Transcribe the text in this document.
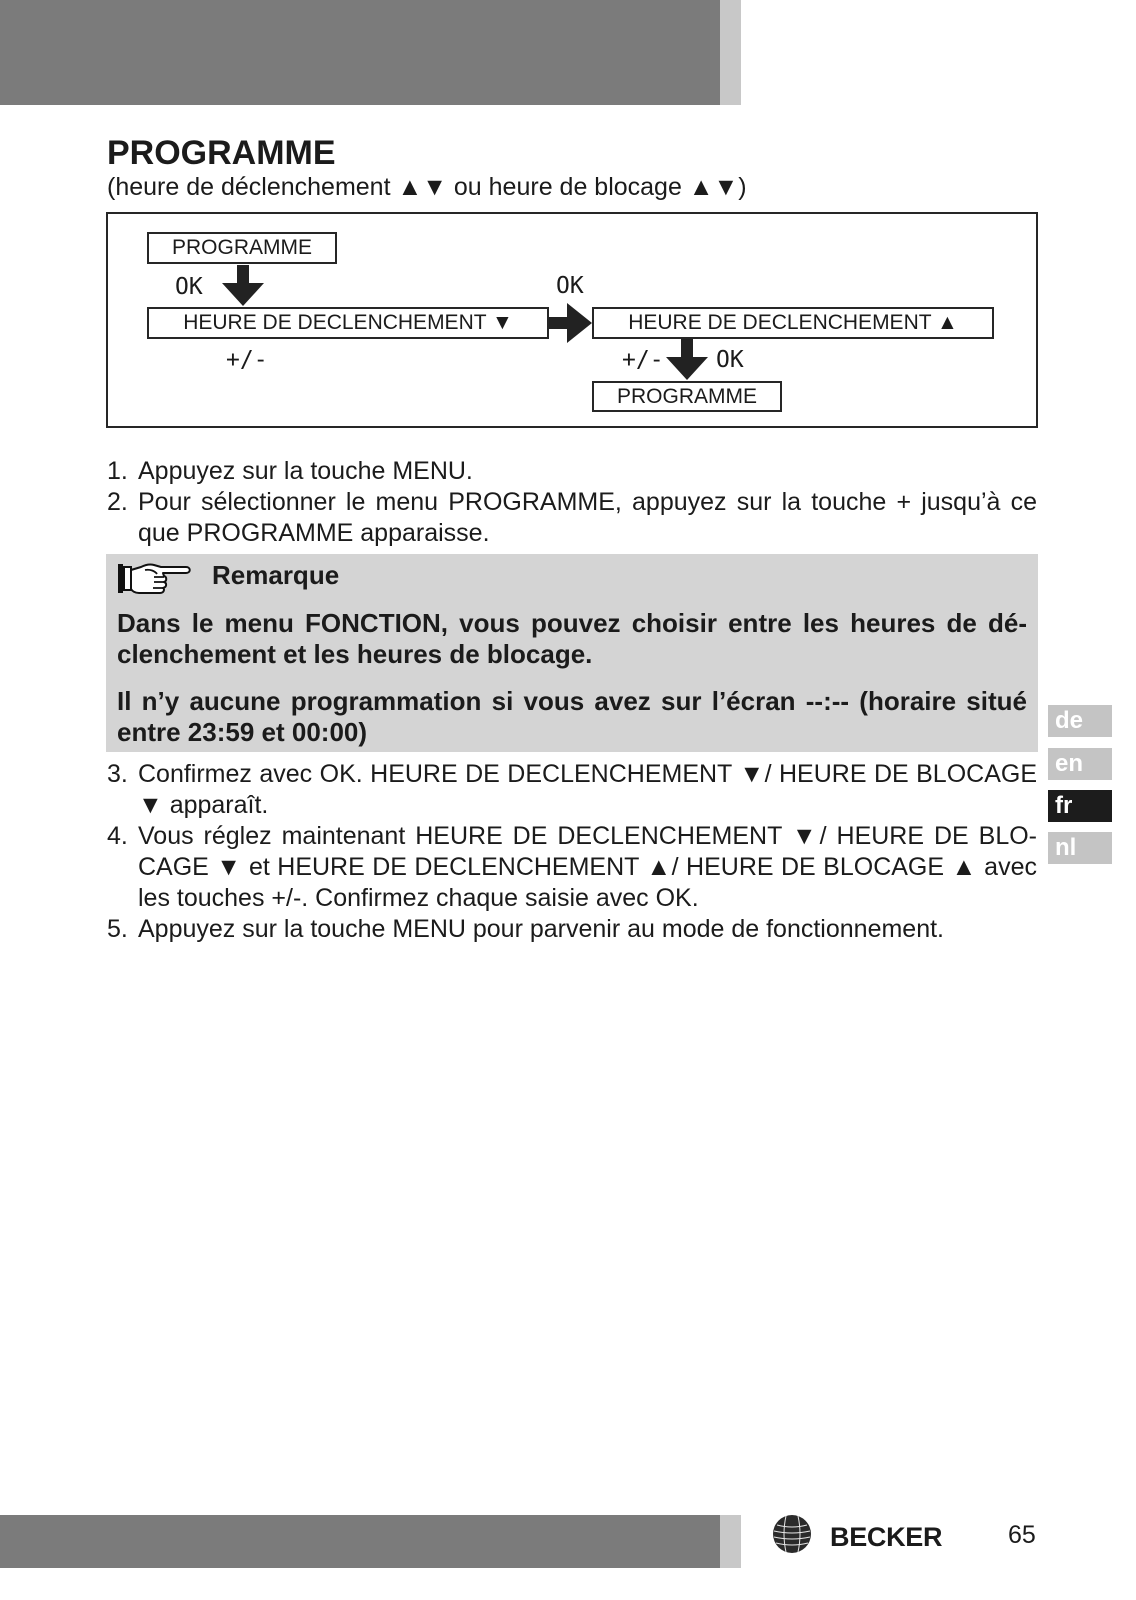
PROGRAMME
(heure de déclenchement ▲▼ ou heure de blocage ▲▼)
PROGRAMME
OK	OK
HEURE DE DECLENCHEMENT ▼	HEURE DE DECLENCHEMENT ▲
+/-	+/- OK
PROGRAMME
1. Appuyez sur la touche MENU.
2. Pour sélectionner le menu PROGRAMME, appuyez sur la touche + jusqu’à ce
que PROGRAMME apparaisse.
Remarque
Dans le menu FONCTION, vous pouvez choisir entre les heures de dé-
clenchement et les heures de blocage.
Il n’y aucune programmation si vous avez sur l’écran --:-- (horaire situé
entre 23:59 et 00:00)
3. Confirmez avec OK. HEURE DE DECLENCHEMENT ▼/ HEURE DE BLOCAGE
▼ apparaît.
4. Vous réglez maintenant HEURE DE DECLENCHEMENT ▼/ HEURE DE BLO-
CAGE ▼ et HEURE DE DECLENCHEMENT ▲/ HEURE DE BLOCAGE ▲ avec
les touches +/-. Confirmez chaque saisie avec OK.
5. Appuyez sur la touche MENU pour parvenir au mode de fonctionnement.
de
en
fr
nl
BECKER	65
